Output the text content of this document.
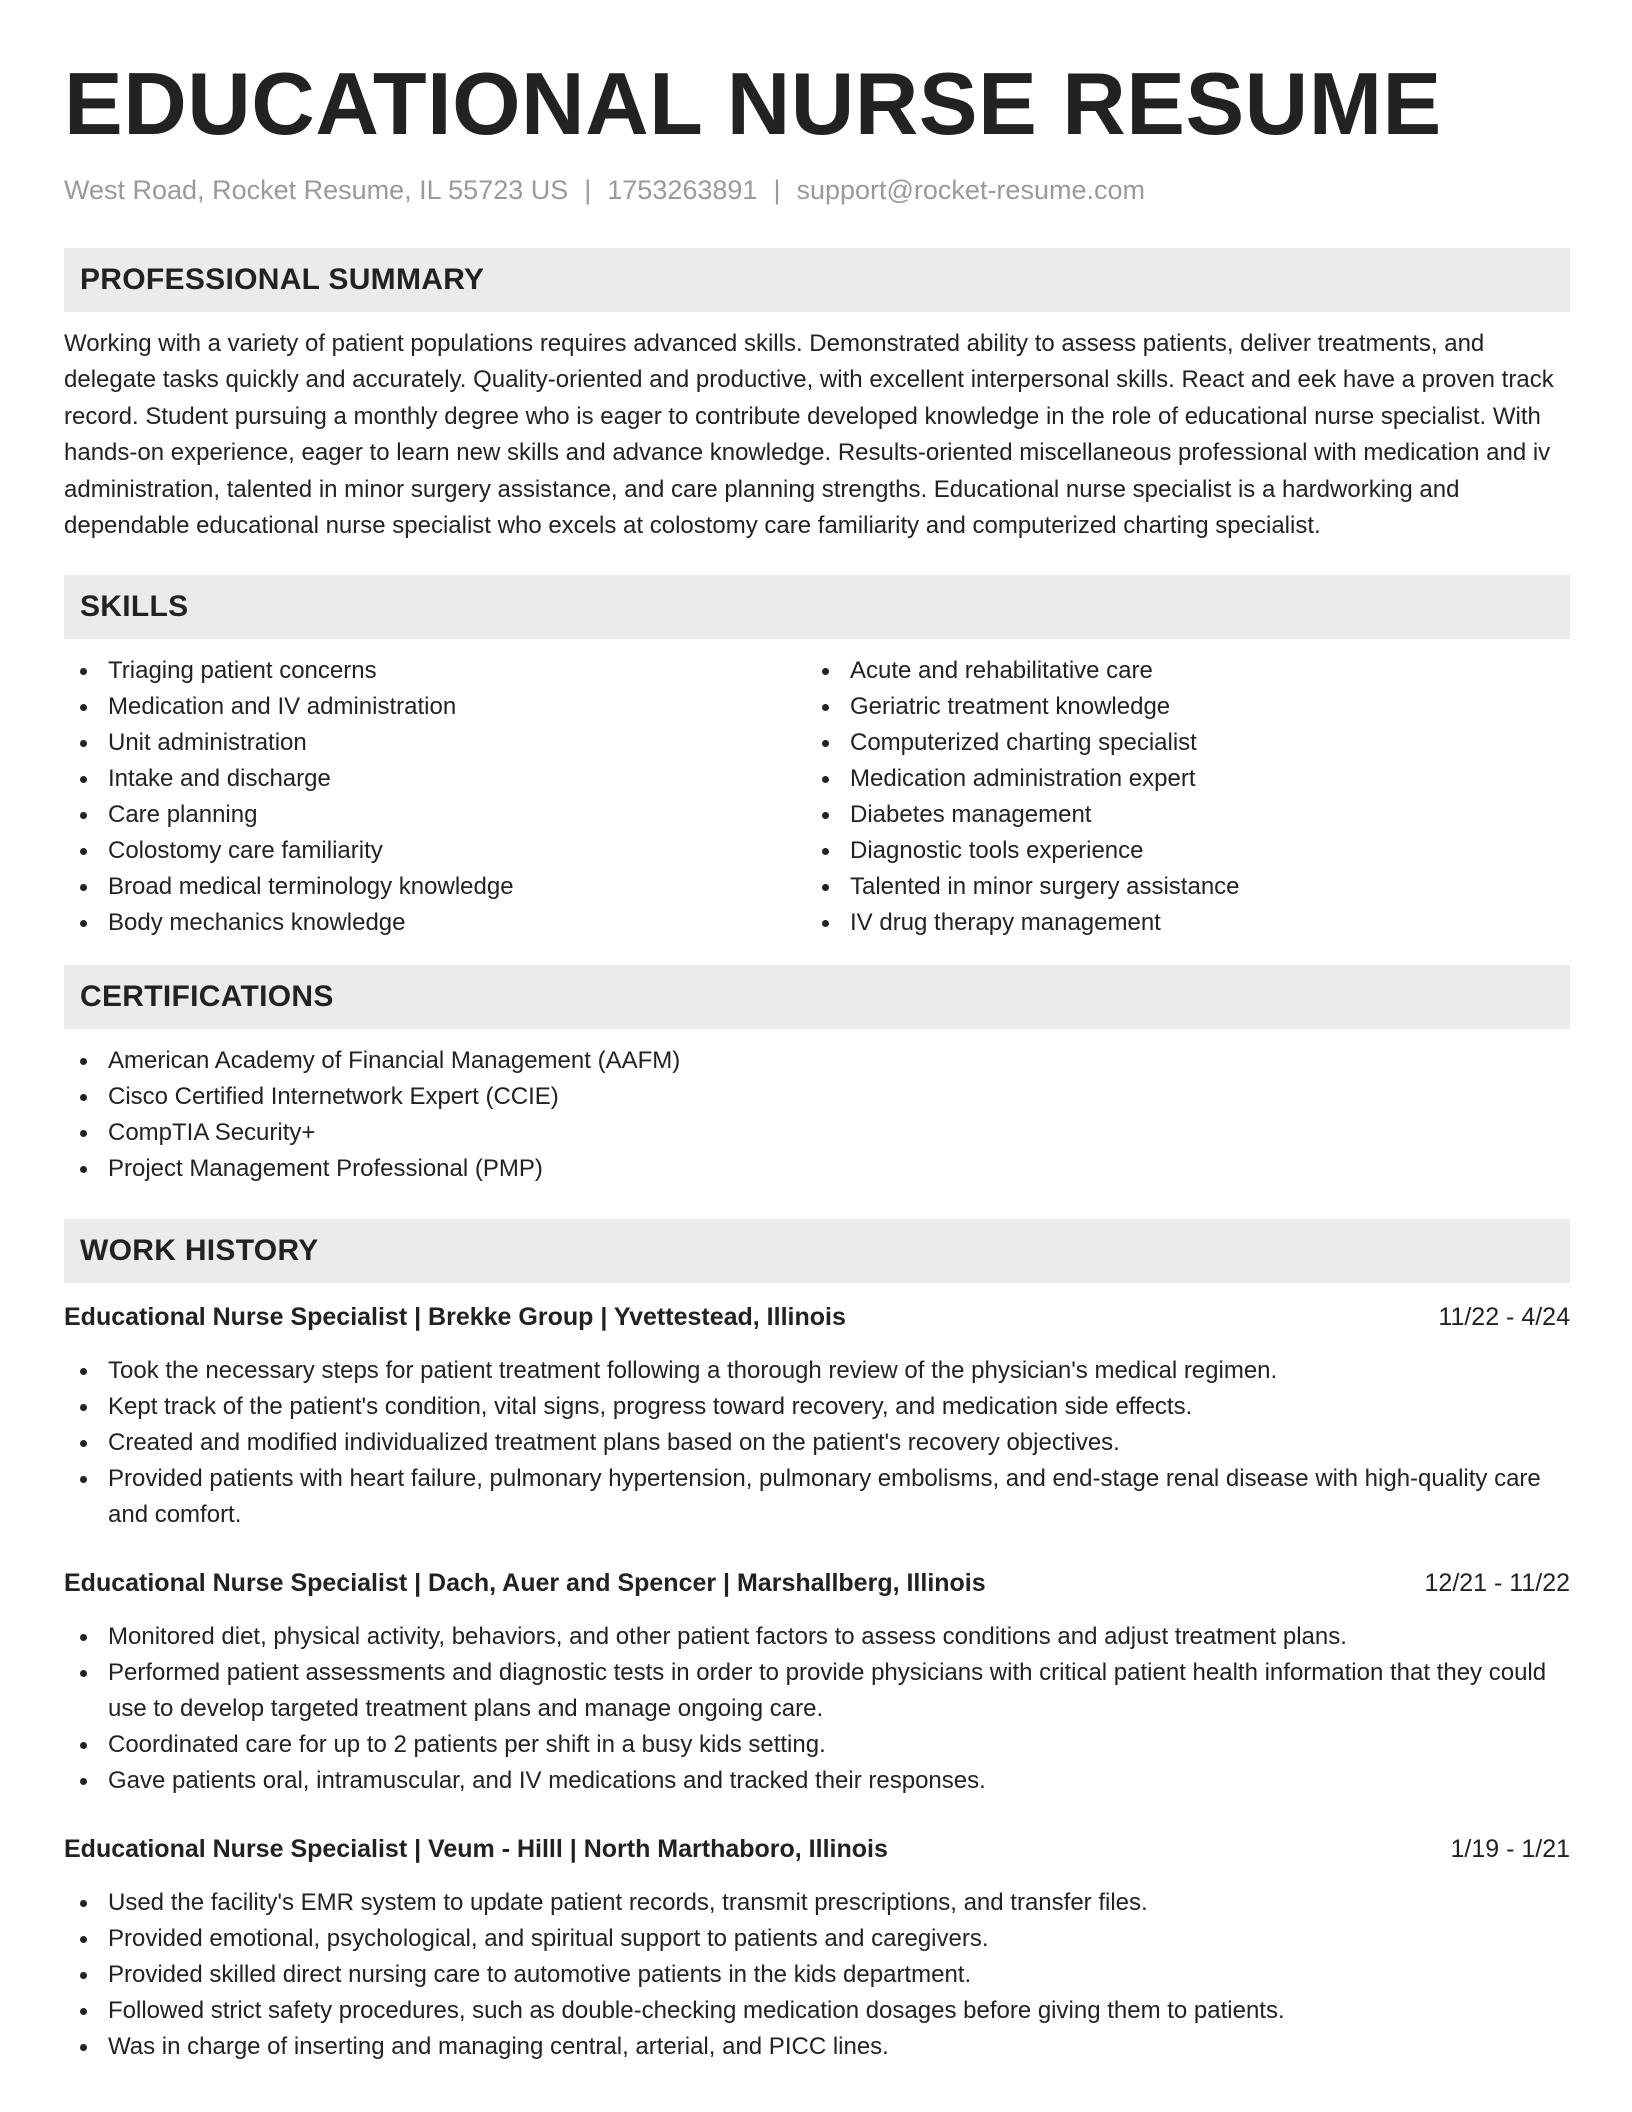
EDUCATIONAL NURSE RESUME
West Road, Rocket Resume, IL 55723 US | 1753263891 | support@rocket-resume.com
PROFESSIONAL SUMMARY

Working with a variety of patient populations requires advanced skills. Demonstrated ability to assess patients, deliver treatments, and delegate tasks quickly and accurately. Quality-oriented and productive, with excellent interpersonal skills. React and eek have a proven track record. Student pursuing a monthly degree who is eager to contribute developed knowledge in the role of educational nurse specialist. With hands-on experience, eager to learn new skills and advance knowledge. Results-oriented miscellaneous professional with medication and iv administration, talented in minor surgery assistance, and care planning strengths. Educational nurse specialist is a hardworking and dependable educational nurse specialist who excels at colostomy care familiarity and computerized charting specialist.

SKILLS
Triaging patient concerns
Medication and IV administration
Unit administration
Intake and discharge
Care planning
Colostomy care familiarity
Broad medical terminology knowledge
Body mechanics knowledge
Acute and rehabilitative care
Geriatric treatment knowledge
Computerized charting specialist
Medication administration expert
Diabetes management
Diagnostic tools experience
Talented in minor surgery assistance
IV drug therapy management
CERTIFICATIONS
American Academy of Financial Management (AAFM)
Cisco Certified Internetwork Expert (CCIE)
CompTIA Security+
Project Management Professional (PMP)
WORK HISTORY
Educational Nurse Specialist | Brekke Group | Yvettestead, Illinois	11/22 - 4/24
Took the necessary steps for patient treatment following a thorough review of the physician's medical regimen.
Kept track of the patient's condition, vital signs, progress toward recovery, and medication side effects.
Created and modified individualized treatment plans based on the patient's recovery objectives.
Provided patients with heart failure, pulmonary hypertension, pulmonary embolisms, and end-stage renal disease with high-quality care and comfort.
Educational Nurse Specialist | Dach, Auer and Spencer | Marshallberg, Illinois	12/21 - 11/22
Monitored diet, physical activity, behaviors, and other patient factors to assess conditions and adjust treatment plans.
Performed patient assessments and diagnostic tests in order to provide physicians with critical patient health information that they could use to develop targeted treatment plans and manage ongoing care.
Coordinated care for up to 2 patients per shift in a busy kids setting.
Gave patients oral, intramuscular, and IV medications and tracked their responses.
Educational Nurse Specialist | Veum - Hilll | North Marthaboro, Illinois	1/19 - 1/21
Used the facility's EMR system to update patient records, transmit prescriptions, and transfer files.
Provided emotional, psychological, and spiritual support to patients and caregivers.
Provided skilled direct nursing care to automotive patients in the kids department.
Followed strict safety procedures, such as double-checking medication dosages before giving them to patients.
Was in charge of inserting and managing central, arterial, and PICC lines.
